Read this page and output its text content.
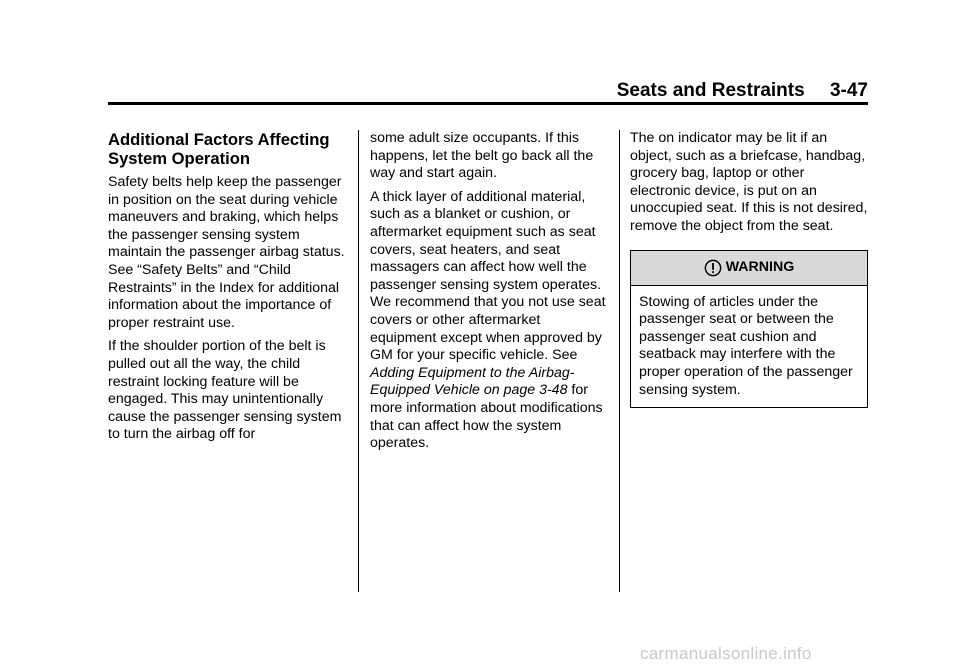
Seats and Restraints 3-47
Additional Factors Affecting
System Operation

Safety belts help keep the passenger in position on the seat during vehicle maneuvers and braking, which helps the passenger sensing system maintain the passenger airbag status. See “Safety Belts” and “Child Restraints” in the Index for additional information about the importance of proper restraint use.

If the shoulder portion of the belt is pulled out all the way, the child restraint locking feature will be engaged. This may unintentionally cause the passenger sensing system to turn the airbag off for

some adult size occupants. If this happens, let the belt go back all the way and start again.

A thick layer of additional material, such as a blanket or cushion, or aftermarket equipment such as seat covers, seat heaters, and seat massagers can affect how well the passenger sensing system operates. We recommend that you not use seat covers or other aftermarket equipment except when approved by GM for your specific vehicle. See Adding Equipment to the Airbag-Equipped Vehicle on page 3-48 for more information about modifications that can affect how the system operates.

The on indicator may be lit if an object, such as a briefcase, handbag, grocery bag, laptop or other electronic device, is put on an unoccupied seat. If this is not desired, remove the object from the seat.

WARNING
Stowing of articles under the passenger seat or between the passenger seat cushion and seatback may interfere with the proper operation of the passenger sensing system.
carmanualsonline.info
